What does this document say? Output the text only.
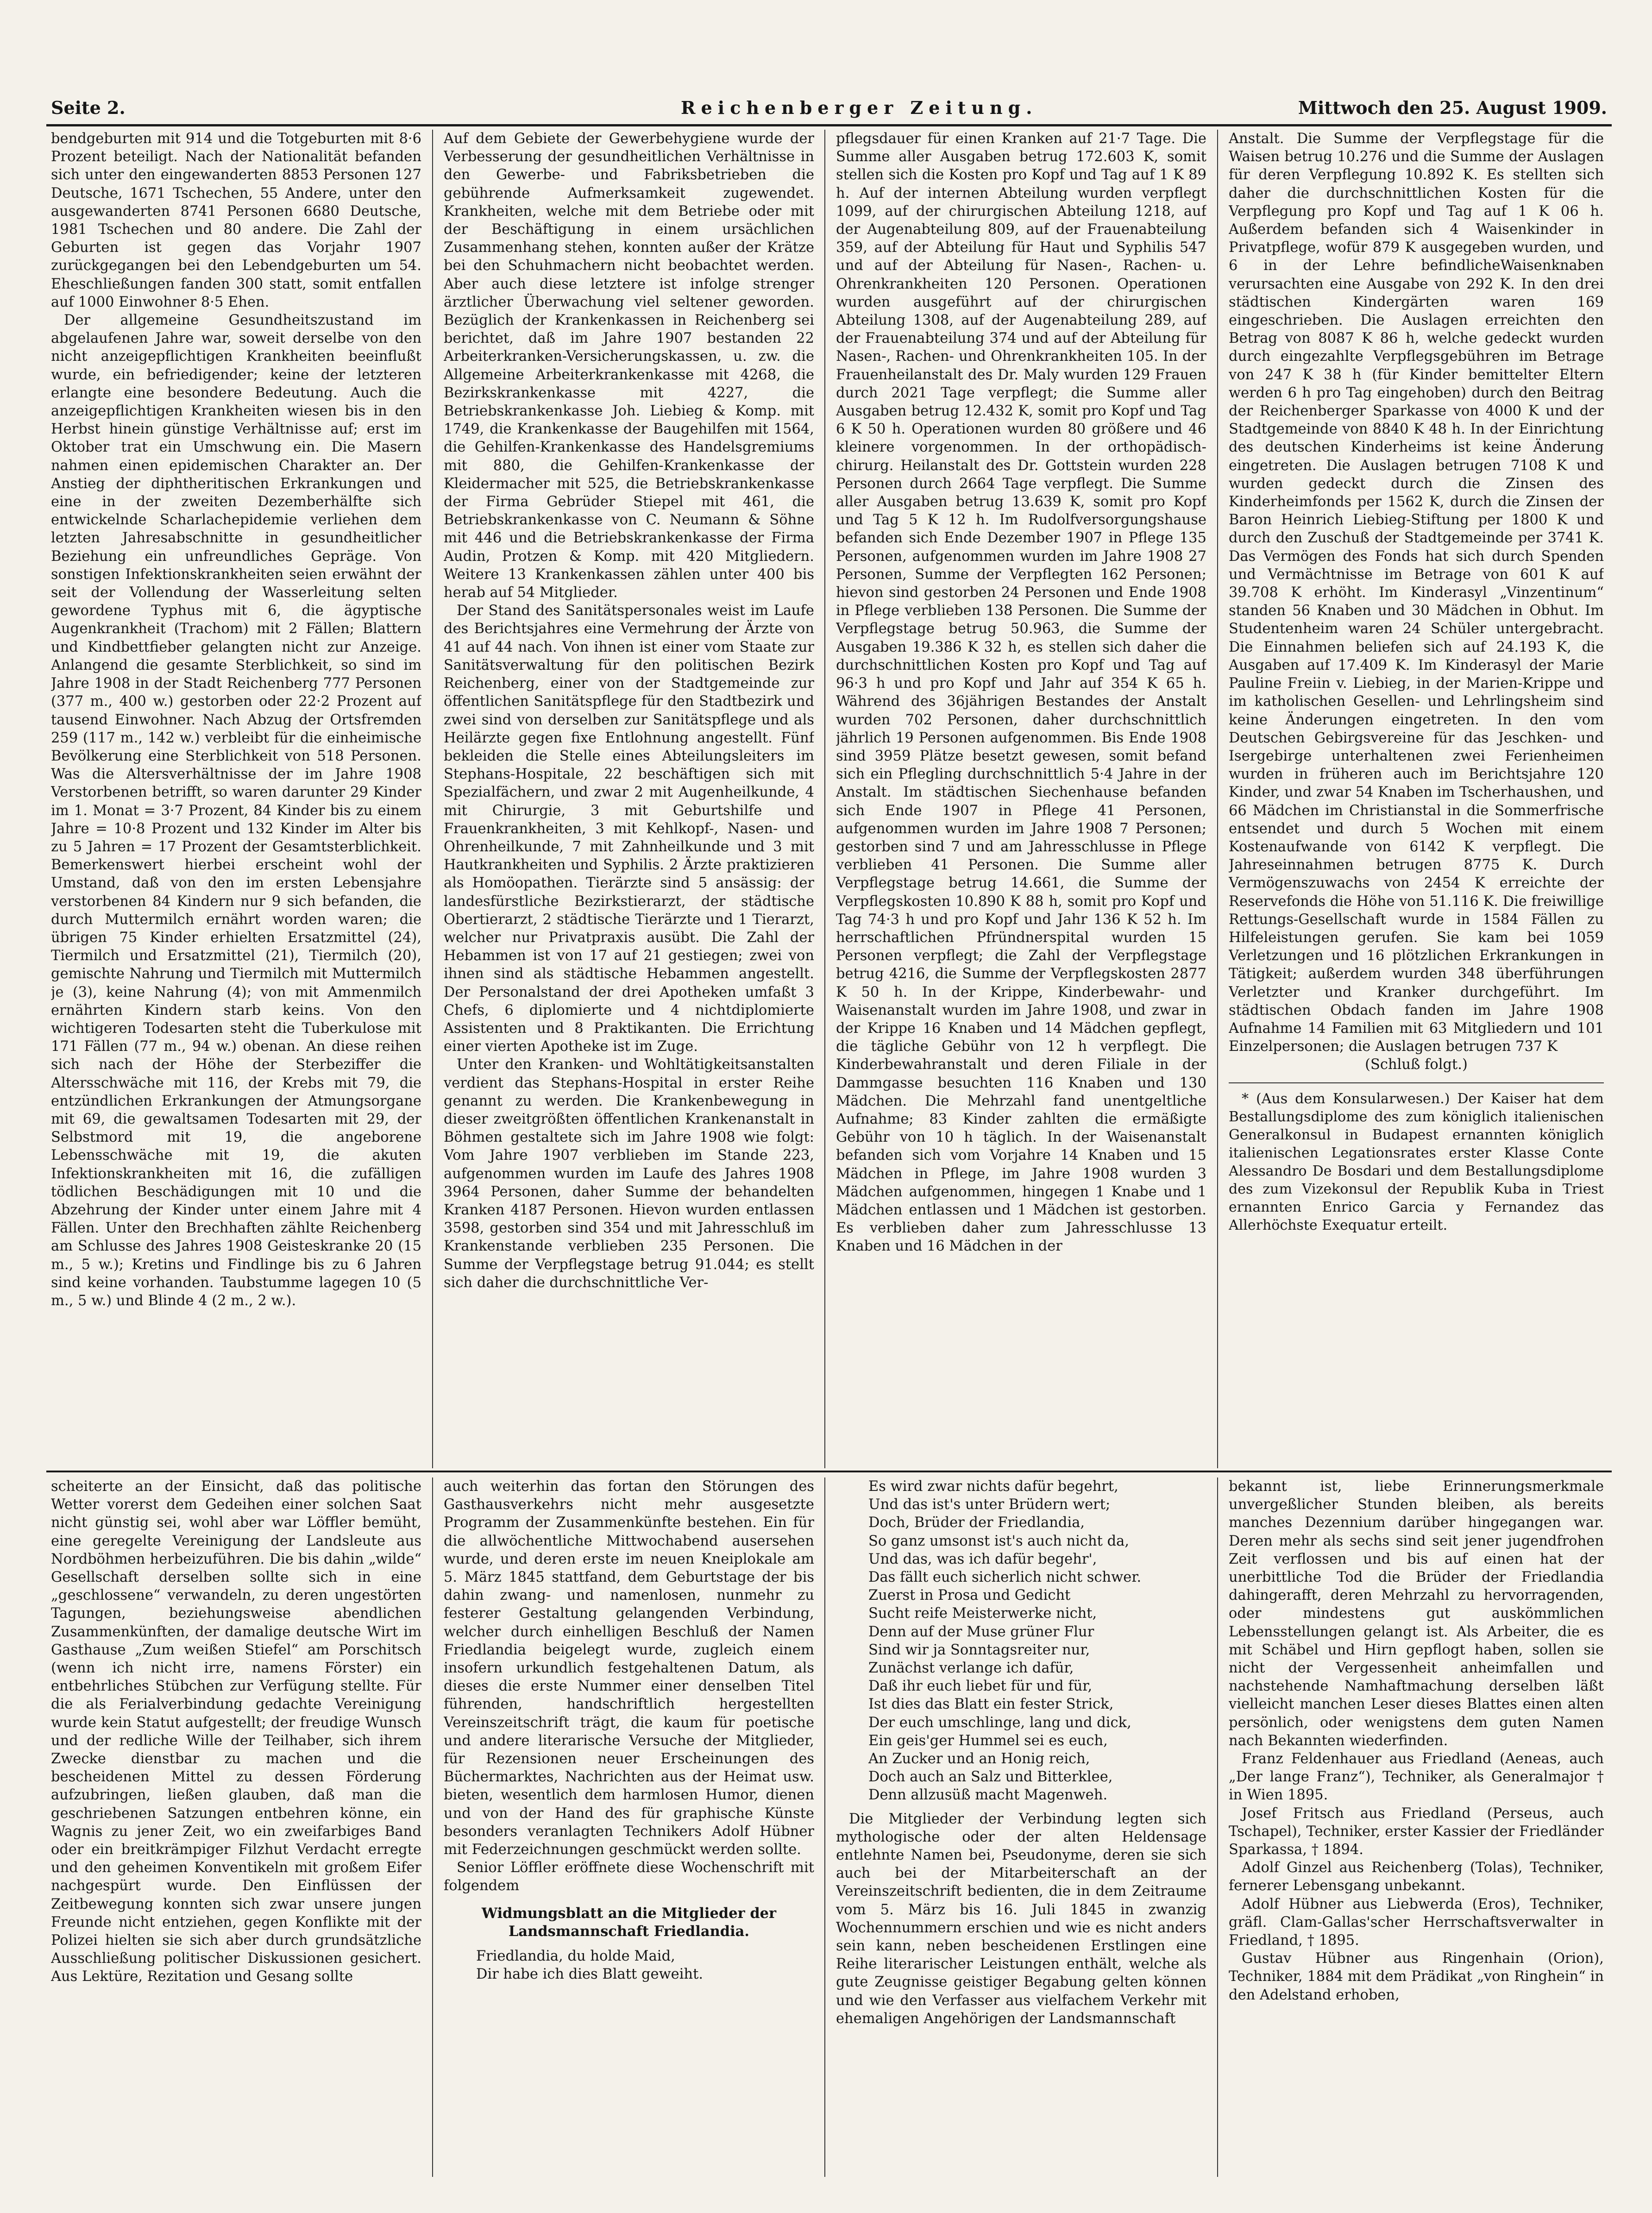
Seite 2.	Reichenberger Zeitung.	Mittwoch den 25. August 1909.

bendgeburten mit 914 und die Totgeburten mit 8·6 Prozent beteiligt. Nach der Nationalität befanden sich unter den eingewanderten 8853 Personen 127 Deutsche, 1671 Tschechen, 55 Andere, unter den ausgewanderten 8741 Personen 6680 Deutsche, 1981 Tschechen und 80 andere. Die Zahl der Geburten ist gegen das Vorjahr 1907 zurückgegangen bei den Lebendgeburten um 54. Eheschließungen fanden 300 statt, somit entfallen auf 1000 Einwohner 8·5 Ehen.

Der allgemeine Gesundheitszustand im abgelaufenen Jahre war, soweit derselbe von den nicht anzeigepflichtigen Krankheiten beeinflußt wurde, ein befriedigender; keine der letzteren erlangte eine besondere Bedeutung. Auch die anzeigepflichtigen Krankheiten wiesen bis in den Herbst hinein günstige Verhältnisse auf; erst im Oktober trat ein Umschwung ein. Die Masern nahmen einen epidemischen Charakter an. Der Anstieg der diphtheritischen Erkrankungen und eine in der zweiten Dezemberhälfte sich entwickelnde Scharlachepidemie verliehen dem letzten Jahresabschnitte in gesundheitlicher Beziehung ein unfreundliches Gepräge. Von sonstigen Infektionskrankheiten seien erwähnt der seit der Vollendung der Wasserleitung selten gewordene Typhus mit 6, die ägyptische Augenkrankheit (Trachom) mit 2 Fällen; Blattern und Kindbettfieber gelangten nicht zur Anzeige. Anlangend die gesamte Sterblichkeit, so sind im Jahre 1908 in der Stadt Reichenberg 777 Personen (377 m., 400 w.) gestorben oder 22·2 Prozent auf tausend Einwohner. Nach Abzug der Ortsfremden 259 (117 m., 142 w.) verbleibt für die einheimische Bevölkerung eine Sterblichkeit von 518 Personen. Was die Altersverhältnisse der im Jahre 1908 Verstorbenen betrifft, so waren darunter 29 Kinder im 1. Monat = 3·7 Prozent, 84 Kinder bis zu einem Jahre = 10·8 Prozent und 132 Kinder im Alter bis zu 5 Jahren = 17 Prozent der Gesamtsterblichkeit. Bemerkenswert hierbei erscheint wohl der Umstand, daß von den im ersten Lebensjahre verstorbenen 84 Kindern nur 9 sich befanden, die durch Muttermilch ernährt worden waren; die übrigen 75 Kinder erhielten Ersatzmittel (24), Tiermilch und Ersatzmittel (21), Tiermilch (20), gemischte Nahrung und Tiermilch mit Muttermilch je (3), keine Nahrung (4); von mit Ammenmilch ernährten Kindern starb keins. Von den wichtigeren Todesarten steht die Tuberkulose mit 171 Fällen (77 m., 94 w.) obenan. An diese reihen sich nach der Höhe der Sterbeziffer die Altersschwäche mit 116, der Krebs mit 79, die entzündlichen Erkrankungen der Atmungsorgane mit 69, die gewaltsamen Todesarten mit 29, der Selbstmord mit 19, die angeborene Lebensschwäche mit 19, die akuten Infektionskrankheiten mit 16, die zufälligen tödlichen Beschädigungen mit 10 und die Abzehrung der Kinder unter einem Jahre mit 4 Fällen. Unter den Brechhaften zählte Reichenberg am Schlusse des Jahres 1908 Geisteskranke 20 (15 m., 5 w.); Kretins und Findlinge bis zu 6 Jahren sind keine vorhanden. Taubstumme lagegen 10 (5 m., 5 w.) und Blinde 4 (2 m., 2 w.).

Auf dem Gebiete der Gewerbehygiene wurde der Verbesserung der gesundheitlichen Verhältnisse in den Gewerbe- und Fabriksbetrieben die gebührende Aufmerksamkeit zugewendet. Krankheiten, welche mit dem Betriebe oder mit der Beschäftigung in einem ursächlichen Zusammenhang stehen, konnten außer der Krätze bei den Schuhmachern nicht beobachtet werden. Aber auch diese letztere ist infolge strenger ärztlicher Überwachung viel seltener geworden. Bezüglich der Krankenkassen in Reichenberg sei berichtet, daß im Jahre 1907 bestanden 22 Arbeiterkranken-Versicherungskassen, u. zw. die Allgemeine Arbeiterkrankenkasse mit 4268, die Bezirkskrankenkasse mit 4227, die Betriebskrankenkasse Joh. Liebieg & Komp. mit 1749, die Krankenkasse der Baugehilfen mit 1564, die Gehilfen-Krankenkasse des Handelsgremiums mit 880, die Gehilfen-Krankenkasse der Kleidermacher mit 525, die Betriebskrankenkasse der Firma Gebrüder Stiepel mit 461, die Betriebskrankenkasse von C. Neumann & Söhne mit 446 und die Betriebskrankenkasse der Firma Audin, Protzen & Komp. mit 420 Mitgliedern. Weitere 13 Krankenkassen zählen unter 400 bis herab auf 54 Mitglieder.

Der Stand des Sanitätspersonales weist im Laufe des Berichtsjahres eine Vermehrung der Ärzte von 41 auf 44 nach. Von ihnen ist einer vom Staate zur Sanitätsverwaltung für den politischen Bezirk Reichenberg, einer von der Stadtgemeinde zur öffentlichen Sanitätspflege für den Stadtbezirk und zwei sind von derselben zur Sanitätspflege und als Heilärzte gegen fixe Entlohnung angestellt. Fünf bekleiden die Stelle eines Abteilungsleiters im Stephans-Hospitale, 22 beschäftigen sich mit Spezialfächern, und zwar 2 mit Augenheilkunde, 4 mit Chirurgie, 3 mit Geburtshilfe und Frauenkrankheiten, 3 mit Kehlkopf-, Nasen- und Ohrenheilkunde, 7 mit Zahnheilkunde und 3 mit Hautkrankheiten und Syphilis. 2 Ärzte praktizieren als Homöopathen. Tierärzte sind 5 ansässig: der landesfürstliche Bezirkstierarzt, der städtische Obertierarzt, 2 städtische Tierärzte und 1 Tierarzt, welcher nur Privatpraxis ausübt. Die Zahl der Hebammen ist von 17 auf 21 gestiegen; zwei von ihnen sind als städtische Hebammen angestellt. Der Personalstand der drei Apotheken umfaßt 3 Chefs, 6 diplomierte und 4 nichtdiplomierte Assistenten und 8 Praktikanten. Die Errichtung einer vierten Apotheke ist im Zuge.

Unter den Kranken- und Wohltätigkeitsanstalten verdient das Stephans-Hospital in erster Reihe genannt zu werden. Die Krankenbewegung in dieser zweitgrößten öffentlichen Krankenanstalt in Böhmen gestaltete sich im Jahre 1908 wie folgt: Vom Jahre 1907 verblieben im Stande 223, aufgenommen wurden im Laufe des Jahres 1908 3964 Personen, daher Summe der behandelten Kranken 4187 Personen. Hievon wurden entlassen 3598, gestorben sind 354 und mit Jahresschluß im Krankenstande verblieben 235 Personen. Die Summe der Verpflegstage betrug 91.044; es stellt sich daher die durchschnittliche Ver-

pflegsdauer für einen Kranken auf 21·7 Tage. Die Summe aller Ausgaben betrug 172.603 K, somit stellen sich die Kosten pro Kopf und Tag auf 1 K 89 h. Auf der internen Abteilung wurden verpflegt 1099, auf der chirurgischen Abteilung 1218, auf der Augenabteilung 809, auf der Frauenabteilung 359, auf der Abteilung für Haut und Syphilis 547 und auf der Abteilung für Nasen-, Rachen- u. Ohrenkrankheiten 120 Personen. Operationen wurden ausgeführt auf der chirurgischen Abteilung 1308, auf der Augenabteilung 289, auf der Frauenabteilung 374 und auf der Abteilung für Nasen-, Rachen- und Ohrenkrankheiten 105. In der Frauenheilanstalt des Dr. Maly wurden 129 Frauen durch 2021 Tage verpflegt; die Summe aller Ausgaben betrug 12.432 K, somit pro Kopf und Tag 6 K 50 h. Operationen wurden 80 größere und 46 kleinere vorgenommen. In der orthopädisch-chirurg. Heilanstalt des Dr. Gottstein wurden 228 Personen durch 2664 Tage verpflegt. Die Summe aller Ausgaben betrug 13.639 K, somit pro Kopf und Tag 5 K 12 h. Im Rudolfversorgungshause befanden sich Ende Dezember 1907 in Pflege 135 Personen, aufgenommen wurden im Jahre 1908 27 Personen, Summe der Verpflegten 162 Personen; hievon sind gestorben 24 Personen und Ende 1908 in Pflege verblieben 138 Personen. Die Summe der Verpflegstage betrug 50.963, die Summe der Ausgaben 19.386 K 32 h, es stellen sich daher die durchschnittlichen Kosten pro Kopf und Tag auf 96·3 h und pro Kopf und Jahr auf 354 K 65 h. Während des 36jährigen Bestandes der Anstalt wurden 702 Personen, daher durchschnittlich jährlich 19 Personen aufgenommen. Bis Ende 1908 sind 3959 Plätze besetzt gewesen, somit befand sich ein Pflegling durchschnittlich 5·4 Jahre in der Anstalt. Im städtischen Siechenhause befanden sich Ende 1907 in Pflege 41 Personen, aufgenommen wurden im Jahre 1908 7 Personen; gestorben sind 7 und am Jahresschlusse in Pflege verblieben 41 Personen. Die Summe aller Verpflegstage betrug 14.661, die Summe der Verpflegskosten 10.890 K 88 h, somit pro Kopf und Tag 74·3 h und pro Kopf und Jahr 136 K 52 h. Im herrschaftlichen Pfründnerspital wurden 15 Personen verpflegt; die Zahl der Verpflegstage betrug 4216, die Summe der Verpflegskosten 2877 K 50 h. In der Krippe, Kinderbewahr- und Waisenanstalt wurden im Jahre 1908, und zwar in der Krippe 16 Knaben und 14 Mädchen gepflegt, die tägliche Gebühr von 12 h verpflegt. Die Kinderbewahranstalt und deren Filiale in der Dammgasse besuchten 116 Knaben und 130 Mädchen. Die Mehrzahl fand unentgeltliche Aufnahme; 83 Kinder zahlten die ermäßigte Gebühr von 10 h täglich. In der Waisenanstalt befanden sich vom Vorjahre 14 Knaben und 15 Mädchen in Pflege, im Jahre 1908 wurden 3 Mädchen aufgenommen, hingegen 1 Knabe und 1 Mädchen entlassen und 1 Mädchen ist gestorben. Es verblieben daher zum Jahresschlusse 13 Knaben und 16 Mädchen in der

Anstalt. Die Summe der Verpflegstage für die Waisen betrug 10.276 und die Summe der Auslagen für deren Verpflegung 10.892 K. Es stellten sich daher die durchschnittlichen Kosten für die Verpflegung pro Kopf und Tag auf 1 K 06 h. Außerdem befanden sich 4 Waisenkinder in Privatpflege, wofür 879 K ausgegeben wurden, und 6 in der Lehre befindlicheWaisenknaben verursachten eine Ausgabe von 292 K. In den drei städtischen Kindergärten waren 169 eingeschrieben. Die Auslagen erreichten den Betrag von 8087 K 86 h, welche gedeckt wurden durch eingezahlte Verpflegsgebühren im Betrage von 247 K 38 h (für Kinder bemittelter Eltern werden 6 h pro Tag eingehoben) durch den Beitrag der Reichenberger Sparkasse von 4000 K und der Stadtgemeinde von 8840 K 48 h. In der Einrichtung des deutschen Kinderheims ist keine Änderung eingetreten. Die Auslagen betrugen 7108 K und wurden gedeckt durch die Zinsen des Kinderheimfonds per 1562 K, durch die Zinsen der Baron Heinrich Liebieg-Stiftung per 1800 K und durch den Zuschuß der Stadtgemeinde per 3741 K. Das Vermögen des Fonds hat sich durch Spenden und Vermächtnisse im Betrage von 601 K auf 39.708 K erhöht. Im Kinderasyl „Vinzentinum“ standen 56 Knaben und 30 Mädchen in Obhut. Im Studentenheim waren 24 Schüler untergebracht. Die Einnahmen beliefen sich auf 24.193 K, die Ausgaben auf 17.409 K. Im Kinderasyl der Marie Pauline Freiin v. Liebieg, in der Marien-Krippe und im katholischen Gesellen- und Lehrlingsheim sind keine Änderungen eingetreten. In den vom Deutschen Gebirgsvereine für das Jeschken- und Isergebirge unterhaltenen zwei Ferienheimen wurden in früheren auch im Berichtsjahre 120 Kinder, und zwar 54 Knaben im Tscherhaushen, und 66 Mädchen im Christianstal in die Sommerfrische entsendet und durch 5 Wochen mit einem Kostenaufwande von 6142 K verpflegt. Die Jahreseinnahmen betrugen 8775 K. Durch Vermögenszuwachs von 2454 K erreichte der Reservefonds die Höhe von 51.116 K. Die freiwillige Rettungs-Gesellschaft wurde in 1584 Fällen zu Hilfeleistungen gerufen. Sie kam bei 1059 Verletzungen und 16 plötzlichen Erkrankungen in Tätigkeit; außerdem wurden 348 überführungen Verletzter und Kranker durchgeführt. Im städtischen Obdach fanden im Jahre 1908 Aufnahme 14 Familien mit 63 Mitgliedern und 101 Einzelpersonen; die Auslagen betrugen 737 K

(Schluß folgt.)

* (Aus dem Konsularwesen.) Der Kaiser hat dem Bestallungsdiplome des zum königlich italienischen Generalkonsul in Budapest ernannten königlich italienischen Legationsrates erster Klasse Conte Alessandro De Bosdari und dem Bestallungsdiplome des zum Vizekonsul der Republik Kuba in Triest ernannten Enrico Garcia y Fernandez das Allerhöchste Exequatur erteilt.

scheiterte an der Einsicht, daß das politische Wetter vorerst dem Gedeihen einer solchen Saat nicht günstig sei, wohl aber war Löffler bemüht, eine geregelte Vereinigung der Landsleute aus Nordböhmen herbeizuführen. Die bis dahin „wilde“ Gesellschaft derselben sollte sich in eine „geschlossene“ verwandeln, zu deren ungestörten Tagungen, beziehungsweise abendlichen Zusammenkünften, der damalige deutsche Wirt im Gasthause „Zum weißen Stiefel“ am Porschitsch (wenn ich nicht irre, namens Förster) ein entbehrliches Stübchen zur Verfügung stellte. Für die als Ferialverbindung gedachte Vereinigung wurde kein Statut aufgestellt; der freudige Wunsch und der redliche Wille der Teilhaber, sich ihrem Zwecke dienstbar zu machen und die bescheidenen Mittel zu dessen Förderung aufzubringen, ließen glauben, daß man die geschriebenen Satzungen entbehren könne, ein Wagnis zu jener Zeit, wo ein zweifarbiges Band oder ein breitkrämpiger Filzhut Verdacht erregte und den geheimen Konventikeln mit großem Eifer nachgespürt wurde. Den Einflüssen der Zeitbewegung konnten sich zwar unsere jungen Freunde nicht entziehen, gegen Konflikte mit der Polizei hielten sie sich aber durch grundsätzliche Ausschließung politischer Diskussionen gesichert. Aus Lektüre, Rezitation und Gesang sollte

auch weiterhin das fortan den Störungen des Gasthausverkehrs nicht mehr ausgesetzte Programm der Zusammenkünfte bestehen. Ein für die allwöchentliche Mittwochabend ausersehen wurde, und deren erste im neuen Kneiplokale am 5. März 1845 stattfand, dem Geburtstage der bis dahin zwang- und namenlosen, nunmehr zu festerer Gestaltung gelangenden Verbindung, welcher durch einhelligen Beschluß der Namen Friedlandia beigelegt wurde, zugleich einem insofern urkundlich festgehaltenen Datum, als dieses die erste Nummer einer denselben Titel führenden, handschriftlich hergestellten Vereinszeitschrift trägt, die kaum für poetische und andere literarische Versuche der Mitglieder, für Rezensionen neuer Erscheinungen des Büchermarktes, Nachrichten aus der Heimat usw. bieten, wesentlich dem harmlosen Humor, dienen und von der Hand des für graphische Künste besonders veranlagten Technikers Adolf Hübner mit Federzeichnungen geschmückt werden sollte.

Senior Löffler eröffnete diese Wochenschrift mit folgendem

Widmungsblatt an die Mitglieder der Landsmannschaft Friedlandia.

Friedlandia, du holde Maid,

Dir habe ich dies Blatt geweiht.

Es wird zwar nichts dafür begehrt,

Und das ist's unter Brüdern wert;

Doch, Brüder der Friedlandia,

So ganz umsonst ist's auch nicht da,

Und das, was ich dafür begehr',

Das fällt euch sicherlich nicht schwer.

Zuerst in Prosa und Gedicht

Sucht reife Meisterwerke nicht,

Denn auf der Muse grüner Flur

Sind wir ja Sonntagsreiter nur,

Zunächst verlange ich dafür,

Daß ihr euch liebet für und für,

Ist dies das Blatt ein fester Strick,

Der euch umschlinge, lang und dick,

Ein geis'ger Hummel sei es euch,

An Zucker und an Honig reich,

Doch auch an Salz und Bitterklee,

Denn allzusüß macht Magenweh.

Die Mitglieder der Verbindung legten sich mythologische oder der alten Heldensage entlehnte Namen bei, Pseudonyme, deren sie sich auch bei der Mitarbeiterschaft an der Vereinszeitschrift bedienten, die in dem Zeitraume vom 5. März bis 16. Juli 1845 in zwanzig Wochennummern erschien und wie es nicht anders sein kann, neben bescheidenen Erstlingen eine Reihe literarischer Leistungen enthält, welche als gute Zeugnisse geistiger Begabung gelten können und wie den Verfasser aus vielfachem Verkehr mit ehemaligen Angehörigen der Landsmannschaft

bekannt ist, liebe Erinnerungsmerkmale unvergeßlicher Stunden bleiben, als bereits manches Dezennium darüber hingegangen war. Deren mehr als sechs sind seit jener jugendfrohen Zeit verflossen und bis auf einen hat der unerbittliche Tod die Brüder der Friedlandia dahingerafft, deren Mehrzahl zu hervorragenden, oder mindestens gut auskömmlichen Lebensstellungen gelangt ist. Als Arbeiter, die es mit Schäbel und Hirn gepflogt haben, sollen sie nicht der Vergessenheit anheimfallen und nachstehende Namhaftmachung derselben läßt vielleicht manchen Leser dieses Blattes einen alten persönlich, oder wenigstens dem guten Namen nach Bekannten wiederfinden.

Franz Feldenhauer aus Friedland (Aeneas, auch „Der lange Franz“), Techniker, als Generalmajor † in Wien 1895.

Josef Fritsch aus Friedland (Perseus, auch Tschapel), Techniker, erster Kassier der Friedländer Sparkassa, † 1894.

Adolf Ginzel aus Reichenberg (Tolas), Techniker, fernerer Lebensgang unbekannt.

Adolf Hübner aus Liebwerda (Eros), Techniker, gräfl. Clam-Gallas'scher Herrschaftsverwalter in Friedland, † 1895.

Gustav Hübner aus Ringenhain (Orion), Techniker, 1884 mit dem Prädikat „von Ringhein“ in den Adelstand erhoben,
